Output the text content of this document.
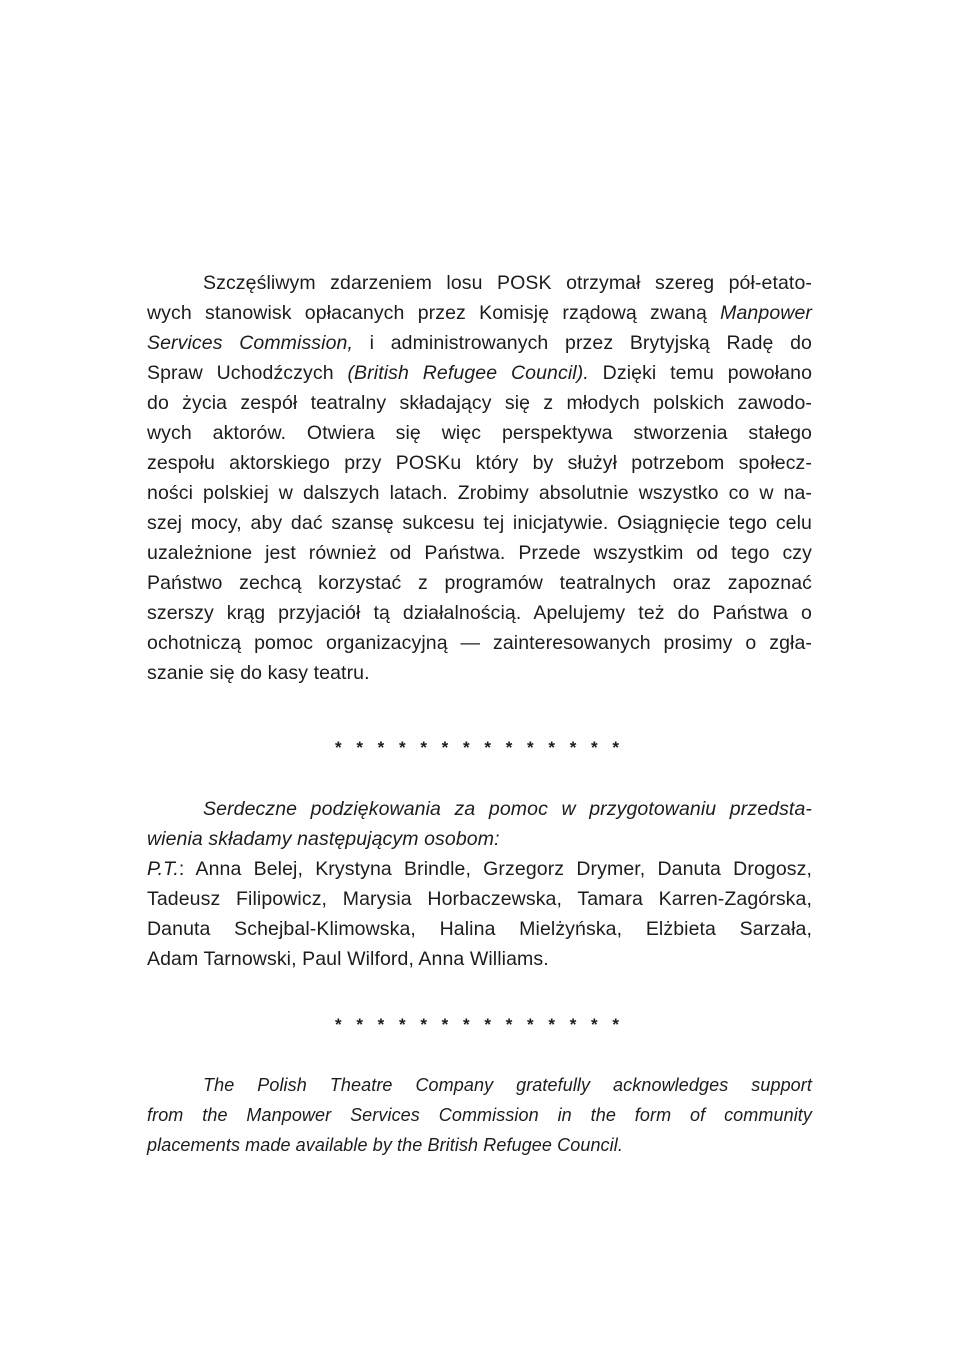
Szczęśliwym zdarzeniem losu POSK otrzymał szereg pół-etato-
wych stanowisk opłacanych przez Komisję rządową zwaną Manpower
Services Commission, i administrowanych przez Brytyjską Radę do
Spraw Uchodźczych (British Refugee Council). Dzięki temu powołano
do życia zespół teatralny składający się z młodych polskich zawodo-
wych aktorów. Otwiera się więc perspektywa stworzenia stałego
zespołu aktorskiego przy POSKu który by służył potrzebom społecz-
ności polskiej w dalszych latach. Zrobimy absolutnie wszystko co w na-
szej mocy, aby dać szansę sukcesu tej inicjatywie. Osiągnięcie tego celu
uzależnione jest również od Państwa. Przede wszystkim od tego czy
Państwo zechcą korzystać z programów teatralnych oraz zapoznać
szerszy krąg przyjaciół tą działalnością. Apelujemy też do Państwa o
ochotniczą pomoc organizacyjną — zainteresowanych prosimy o zgła-
szanie się do kasy teatru.
* * * * * * * * * * * * * *
Serdeczne podziękowania za pomoc w przygotowaniu przedsta-
wienia składamy następującym osobom:
P.T.: Anna Belej, Krystyna Brindle, Grzegorz Drymer, Danuta Drogosz,
Tadeusz Filipowicz, Marysia Horbaczewska, Tamara Karren-Zagórska,
Danuta Schejbal-Klimowska, Halina Mielżyńska, Elżbieta Sarzała,
Adam Tarnowski, Paul Wilford, Anna Williams.
* * * * * * * * * * * * * *
The Polish Theatre Company gratefully acknowledges support
from the Manpower Services Commission in the form of community
placements made available by the British Refugee Council.
